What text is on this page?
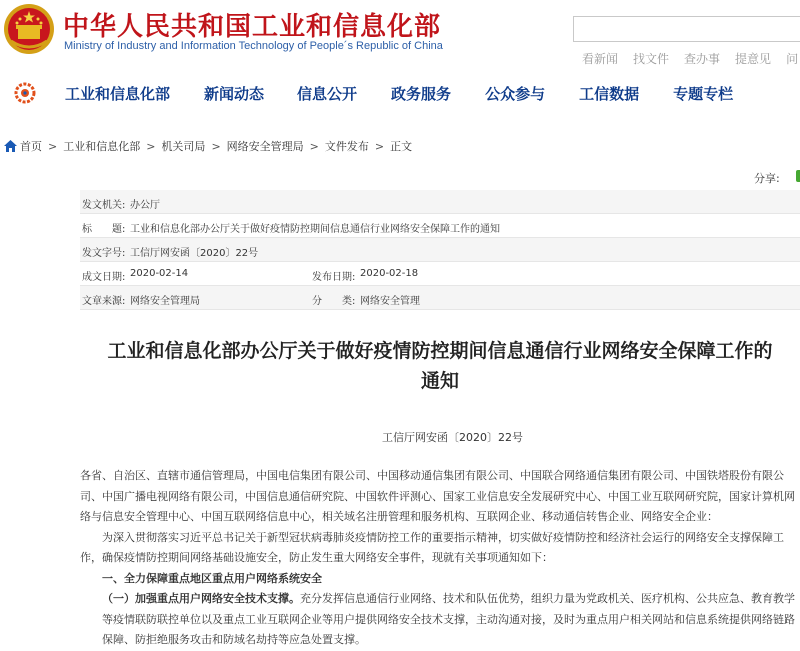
中华人民共和国工业和信息化部
Ministry of Industry and Information Technology of People´s Republic of China
看新闻 找文件 查办事 提意见 问
工业和信息化部 新闻动态 信息公开 政务服务 公众参与 工信数据 专题专栏
首页 > 工业和信息化部 > 机关司局 > 网络安全管理局 > 文件发布 > 正文
分享:
发文机关: 办公厅
标　　题: 工业和信息化部办公厅关于做好疫情防控期间信息通信行业网络安全保障工作的通知
发文字号: 工信厅网安函〔2020〕22号
成文日期: 2020-02-14	发布日期: 2020-02-18
文章来源: 网络安全管理局	分　　类: 网络安全管理
工业和信息化部办公厅关于做好疫情防控期间信息通信行业网络安全保障工作的
通知
工信厅网安函〔2020〕22号

各省、自治区、直辖市通信管理局，中国电信集团有限公司、中国移动通信集团有限公司、中国联合网络通信集团有限公司、中国铁塔股份有限公司、中国广播电视网络有限公司，中国信息通信研究院、中国软件评测心、国家工业信息安全发展研究中心、中国工业互联网研究院，国家计算机网络与信息安全管理中心、中国互联网络信息中心，相关域名注册管理和服务机构、互联网企业、移动通信转售企业、网络安全企业：

为深入贯彻落实习近平总书记关于新型冠状病毒肺炎疫情防控工作的重要指示精神，切实做好疫情防控和经济社会运行的网络安全支撑保障工作，确保疫情防控期间网络基础设施安全，防止发生重大网络安全事件，现就有关事项通知如下：

一、全力保障重点地区重点用户网络系统安全

（一）加强重点用户网络安全技术支撑。充分发挥信息通信行业网络、技术和队伍优势，组织力量为党政机关、医疗机构、公共应急、教育教学等疫情联防联控单位以及重点工业互联网企业等用户提供网络安全技术支撑，主动沟通对接，及时为重点用户相关网站和信息系统提供网络链路保障、防拒绝服务攻击和防域名劫持等应急处置支撑。
